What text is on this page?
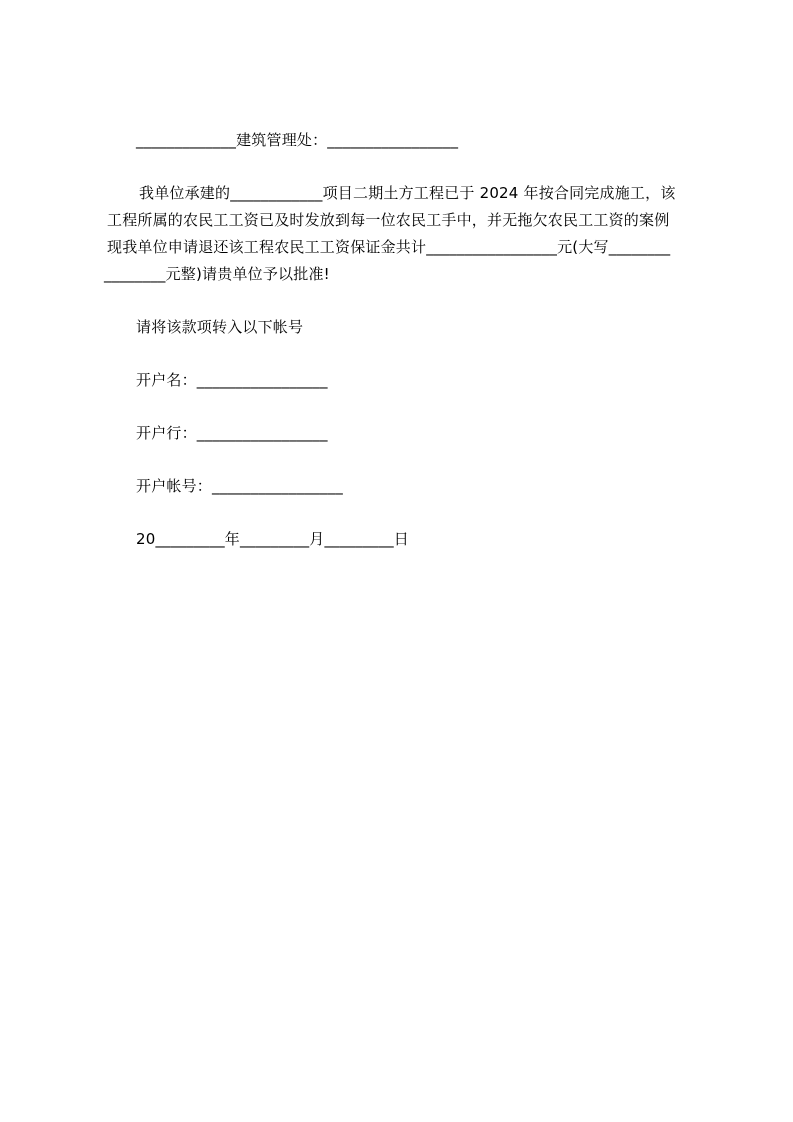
_____________建筑管理处：_________________
我单位承建的____________项目二期土方工程已于 2024 年按合同完成施工，该
工程所属的农民工工资已及时发放到每一位农民工手中，并无拖欠农民工工资的案例
现我单位申请退还该工程农民工工资保证金共计_________________元(大写________
________元整)请贵单位予以批准!
请将该款项转入以下帐号
开户名：_________________
开户行：_________________
开户帐号：_________________
20_________年_________月_________日
